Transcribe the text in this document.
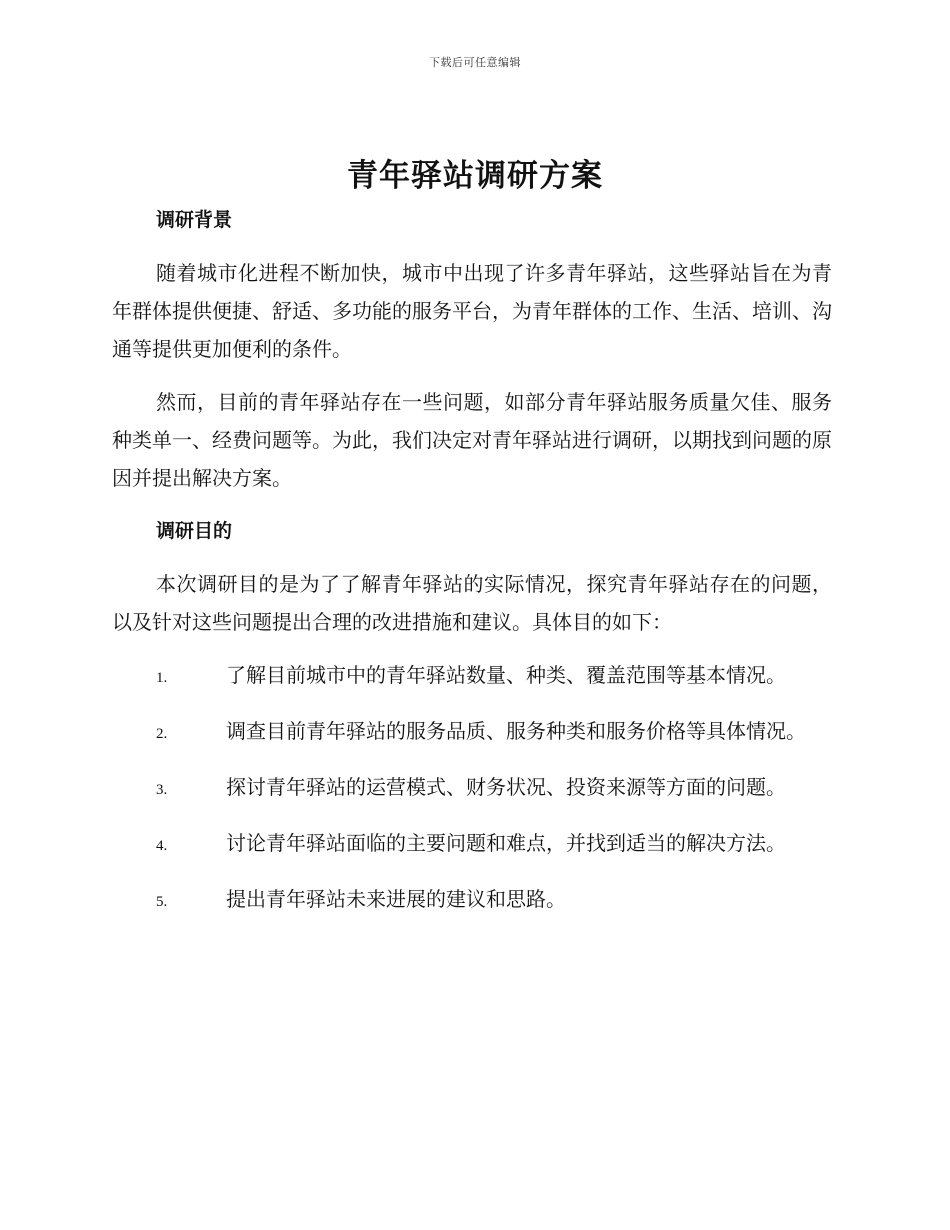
下载后可任意编辑
青年驿站调研方案
调研背景

随着城市化进程不断加快，城市中出现了许多青年驿站，这些驿站旨在为青年群体提供便捷、舒适、多功能的服务平台，为青年群体的工作、生活、培训、沟通等提供更加便利的条件。

然而，目前的青年驿站存在一些问题，如部分青年驿站服务质量欠佳、服务种类单一、经费问题等。为此，我们决定对青年驿站进行调研，以期找到问题的原因并提出解决方案。

调研目的

本次调研目的是为了了解青年驿站的实际情况，探究青年驿站存在的问题，以及针对这些问题提出合理的改进措施和建议。具体目的如下：

1.	了解目前城市中的青年驿站数量、种类、覆盖范围等基本情况。

2.	调查目前青年驿站的服务品质、服务种类和服务价格等具体情况。

3.	探讨青年驿站的运营模式、财务状况、投资来源等方面的问题。

4.	讨论青年驿站面临的主要问题和难点，并找到适当的解决方法。

5.	提出青年驿站未来进展的建议和思路。
